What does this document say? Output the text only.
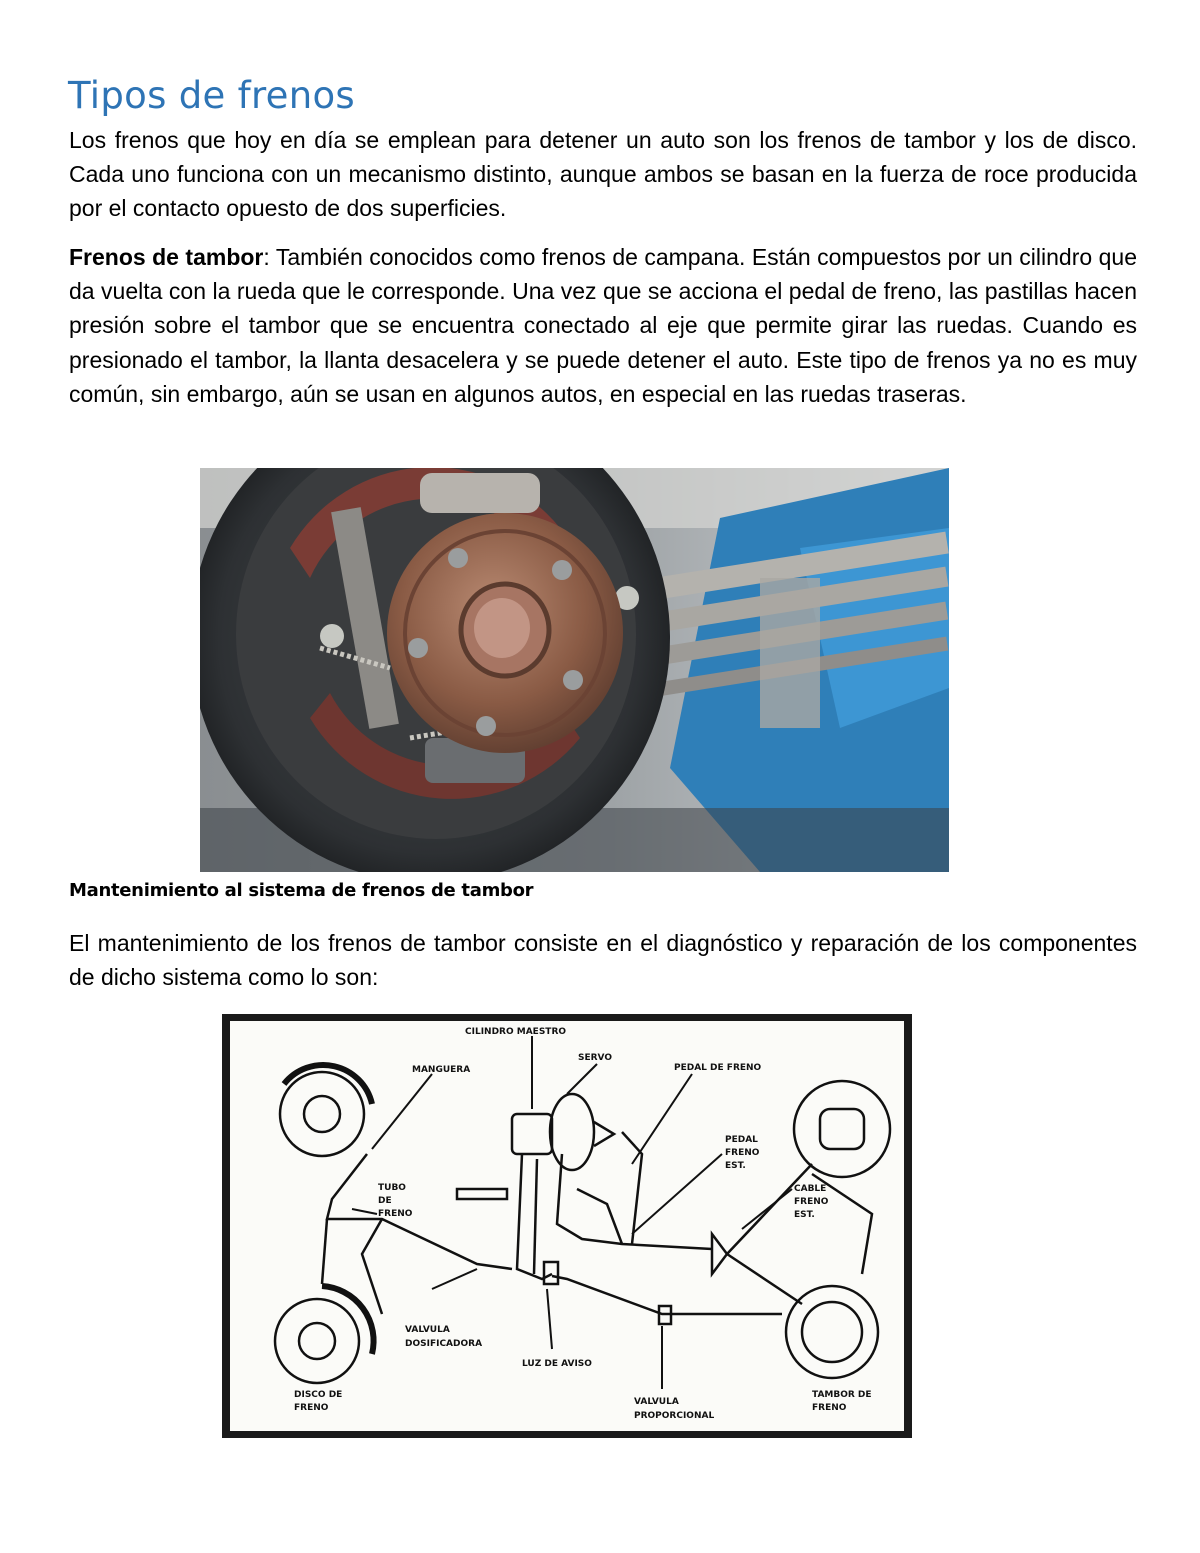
Tipos de frenos

Los frenos que hoy en día se emplean para detener un auto son los frenos de tambor y los de disco. Cada uno funciona con un mecanismo distinto, aunque ambos se basan en la fuerza de roce producida por el contacto opuesto de dos superficies.

Frenos de tambor: También conocidos como frenos de campana. Están compuestos por un cilindro que da vuelta con la rueda que le corresponde. Una vez que se acciona el pedal de freno, las pastillas hacen presión sobre el tambor que se encuentra conectado al eje que permite girar las ruedas. Cuando es presionado el tambor, la llanta desacelera y se puede detener el auto. Este tipo de frenos ya no es muy común, sin embargo, aún se usan en algunos autos, en especial en las ruedas traseras.

Mantenimiento al sistema de frenos de tambor

El mantenimiento de los frenos de tambor consiste en el diagnóstico y reparación de los componentes de dicho sistema como lo son:

CILINDRO MAESTRO
SERVO
PEDAL DE FRENO
MANGUERA
PEDAL
FRENO
EST.
TUBO
DE
FRENO
CABLE
FRENO
EST.
VALVULA
DOSIFICADORA
LUZ DE AVISO
DISCO DE
FRENO
VALVULA
PROPORCIONAL
TAMBOR DE
FRENO
